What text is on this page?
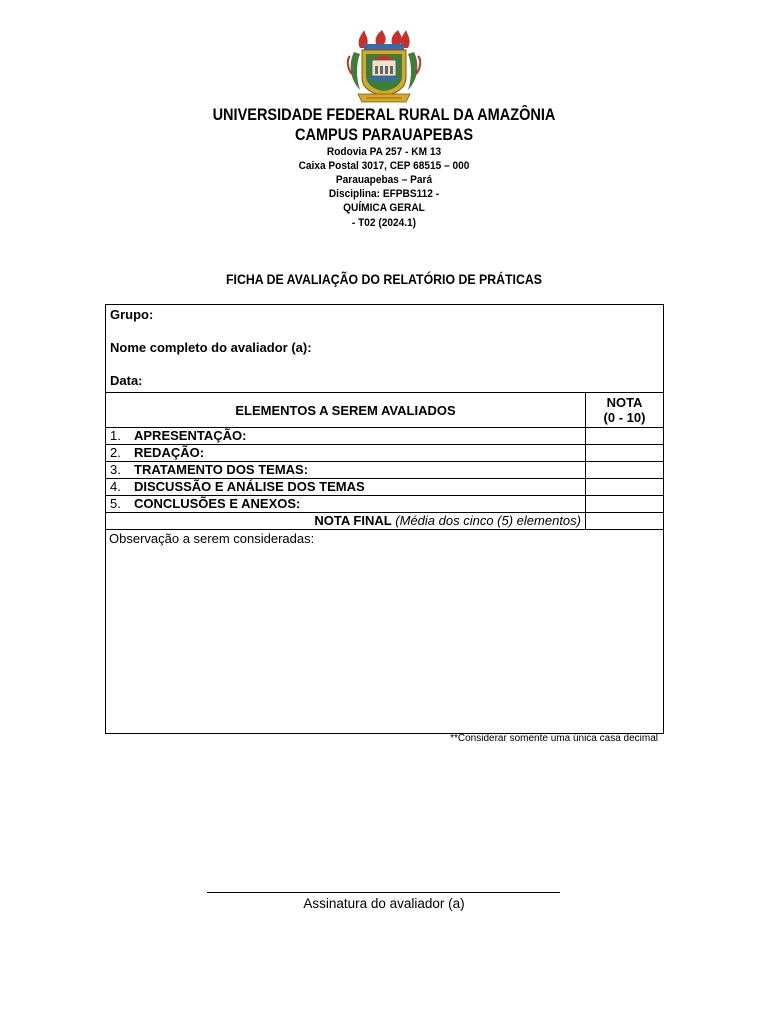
UNIVERSIDADE FEDERAL RURAL DA AMAZÔNIA
CAMPUS PARAUAPEBAS
Rodovia PA 257 - KM 13
Caixa Postal 3017, CEP 68515 – 000
Parauapebas – Pará
Disciplina: EFPBS112 -
QUÍMICA GERAL
- T02 (2024.1)
FICHA DE AVALIAÇÃO DO RELATÓRIO DE PRÁTICAS
Grupo:
Nome completo do avaliador (a):
Data:	

ELEMENTOS A SEREM AVALIADOS	NOTA
(0 - 10)

1. APRESENTAÇÃO:	
2. REDAÇÃO:	
3. TRATAMENTO DOS TEMAS:	
4. DISCUSSÃO E ANÁLISE DOS TEMAS	
5. CONCLUSÕES E ANEXOS:	
NOTA FINAL (Média dos cinco (5) elementos)	
Observação a serem consideradas:	
**Considerar somente uma única casa decimal
Assinatura do avaliador (a)
